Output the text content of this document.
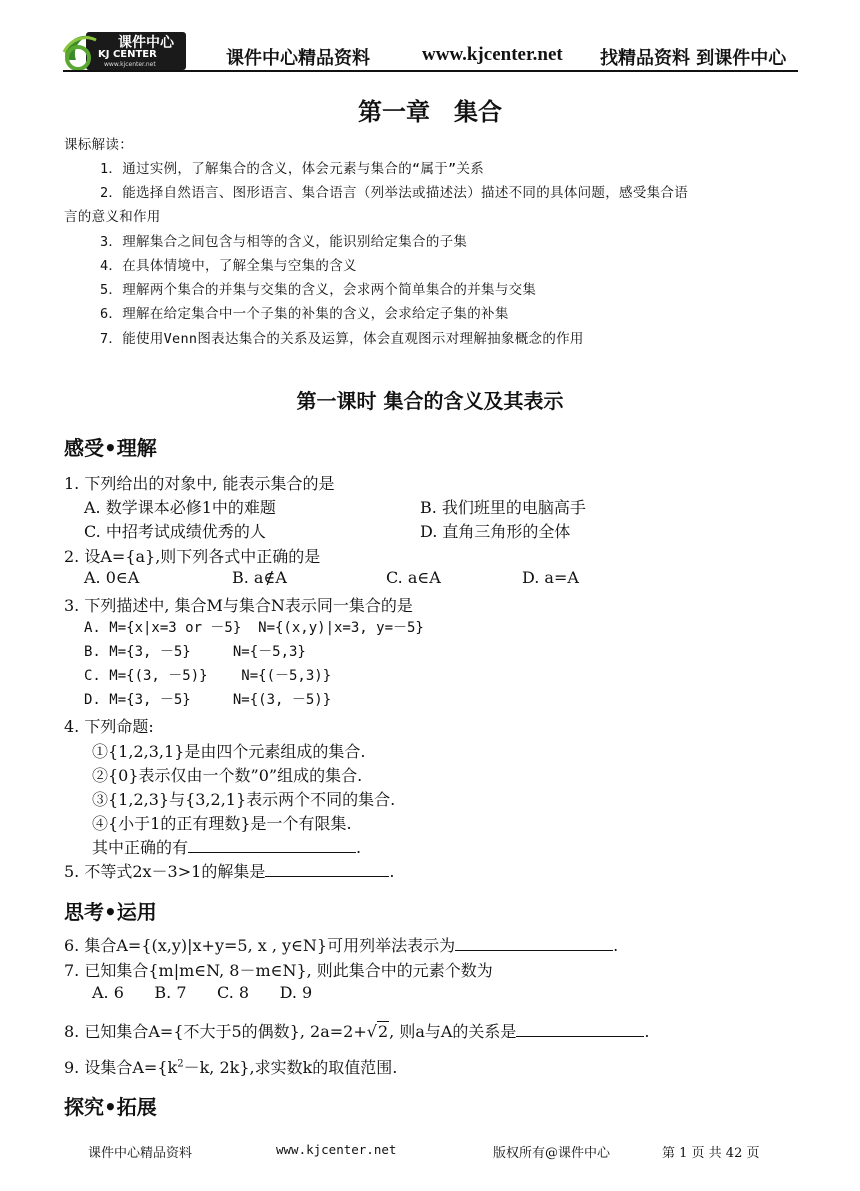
课件中心
KJ CENTER
www.kjcenter.net	课件中心精品资料	www.kjcenter.net 找精品资料 到课件中心
第一章　集合
课标解读：
1．通过实例，了解集合的含义，体会元素与集合的“属于”关系
2．能选择自然语言、图形语言、集合语言（列举法或描述法）描述不同的具体问题，感受集合语
言的意义和作用
3．理解集合之间包含与相等的含义，能识别给定集合的子集
4．在具体情境中，了解全集与空集的含义
5．理解两个集合的并集与交集的含义，会求两个简单集合的并集与交集
6．理解在给定集合中一个子集的补集的含义，会求给定子集的补集
7．能使用Venn图表达集合的关系及运算，体会直观图示对理解抽象概念的作用
第一课时 集合的含义及其表示
感受•理解
1. 下列给出的对象中, 能表示集合的是
A. 数学课本必修1中的难题	B. 我们班里的电脑高手
C. 中招考试成绩优秀的人	D. 直角三角形的全体
2. 设A={a},则下列各式中正确的是
A. 0∈A	B. a∉A	C. a∈A	D. a=A
3. 下列描述中, 集合M与集合N表示同一集合的是
A. M={x|x=3 or －5}  N={(x,y)|x=3, y=－5}
B. M={3, －5}     N={－5,3}
C. M={(3, －5)}    N={(－5,3)}
D. M={3, －5}     N={(3, －5)}
4. 下列命题:
①{1,2,3,1}是由四个元素组成的集合.
②{0}表示仅由一个数”0”组成的集合.
③{1,2,3}与{3,2,1}表示两个不同的集合.
④{小于1的正有理数}是一个有限集.
其中正确的有	.
5. 不等式2x－3>1的解集是	.
思考•运用
6. 集合A={(x,y)|x+y=5, x , y∈N}可用列举法表示为	.
7. 已知集合{m|m∈N, 8－m∈N}, 则此集合中的元素个数为
A. 6      B. 7      C. 8      D. 9
8. 已知集合A={不大于5的偶数}, 2a=2+√2, 则a与A的关系是	.
9. 设集合$A=\{k^2-k$, 2k},求实数k的取值范围.
探究•拓展
课件中心精品资料	www.kjcenter.net	版权所有@课件中心	第 1 页 共 42 页
